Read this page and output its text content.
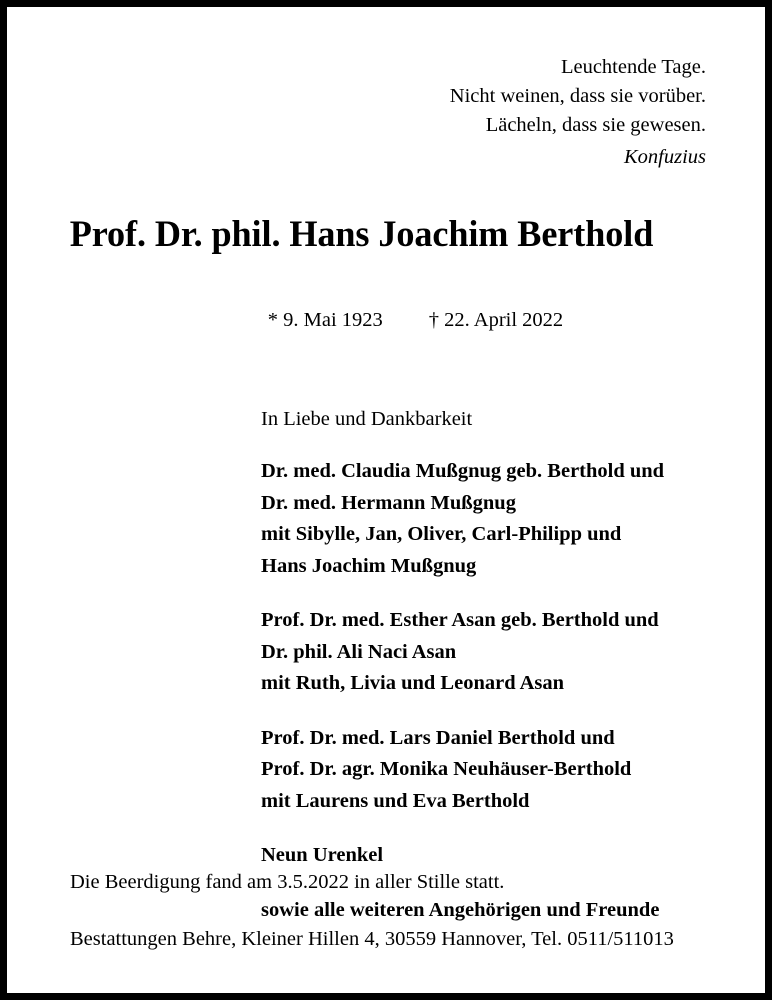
Leuchtende Tage.
Nicht weinen, dass sie vorüber.
Lächeln, dass sie gewesen.
Konfuzius
Prof. Dr. phil. Hans Joachim Berthold

* 9. Mai 1923 † 22. April 2022

In Liebe und Dankbarkeit
Dr. med. Claudia Mußgnug geb. Berthold und
Dr. med. Hermann Mußgnug
mit Sibylle, Jan, Oliver, Carl-Philipp und
Hans Joachim Mußgnug
Prof. Dr. med. Esther Asan geb. Berthold und
Dr. phil. Ali Naci Asan
mit Ruth, Livia und Leonard Asan
Prof. Dr. med. Lars Daniel Berthold und
Prof. Dr. agr. Monika Neuhäuser-Berthold
mit Laurens und Eva Berthold
Neun Urenkel
sowie alle weiteren Angehörigen und Freunde
Die Beerdigung fand am 3.5.2022 in aller Stille statt.
Bestattungen Behre, Kleiner Hillen 4, 30559 Hannover, Tel. 0511/511013
